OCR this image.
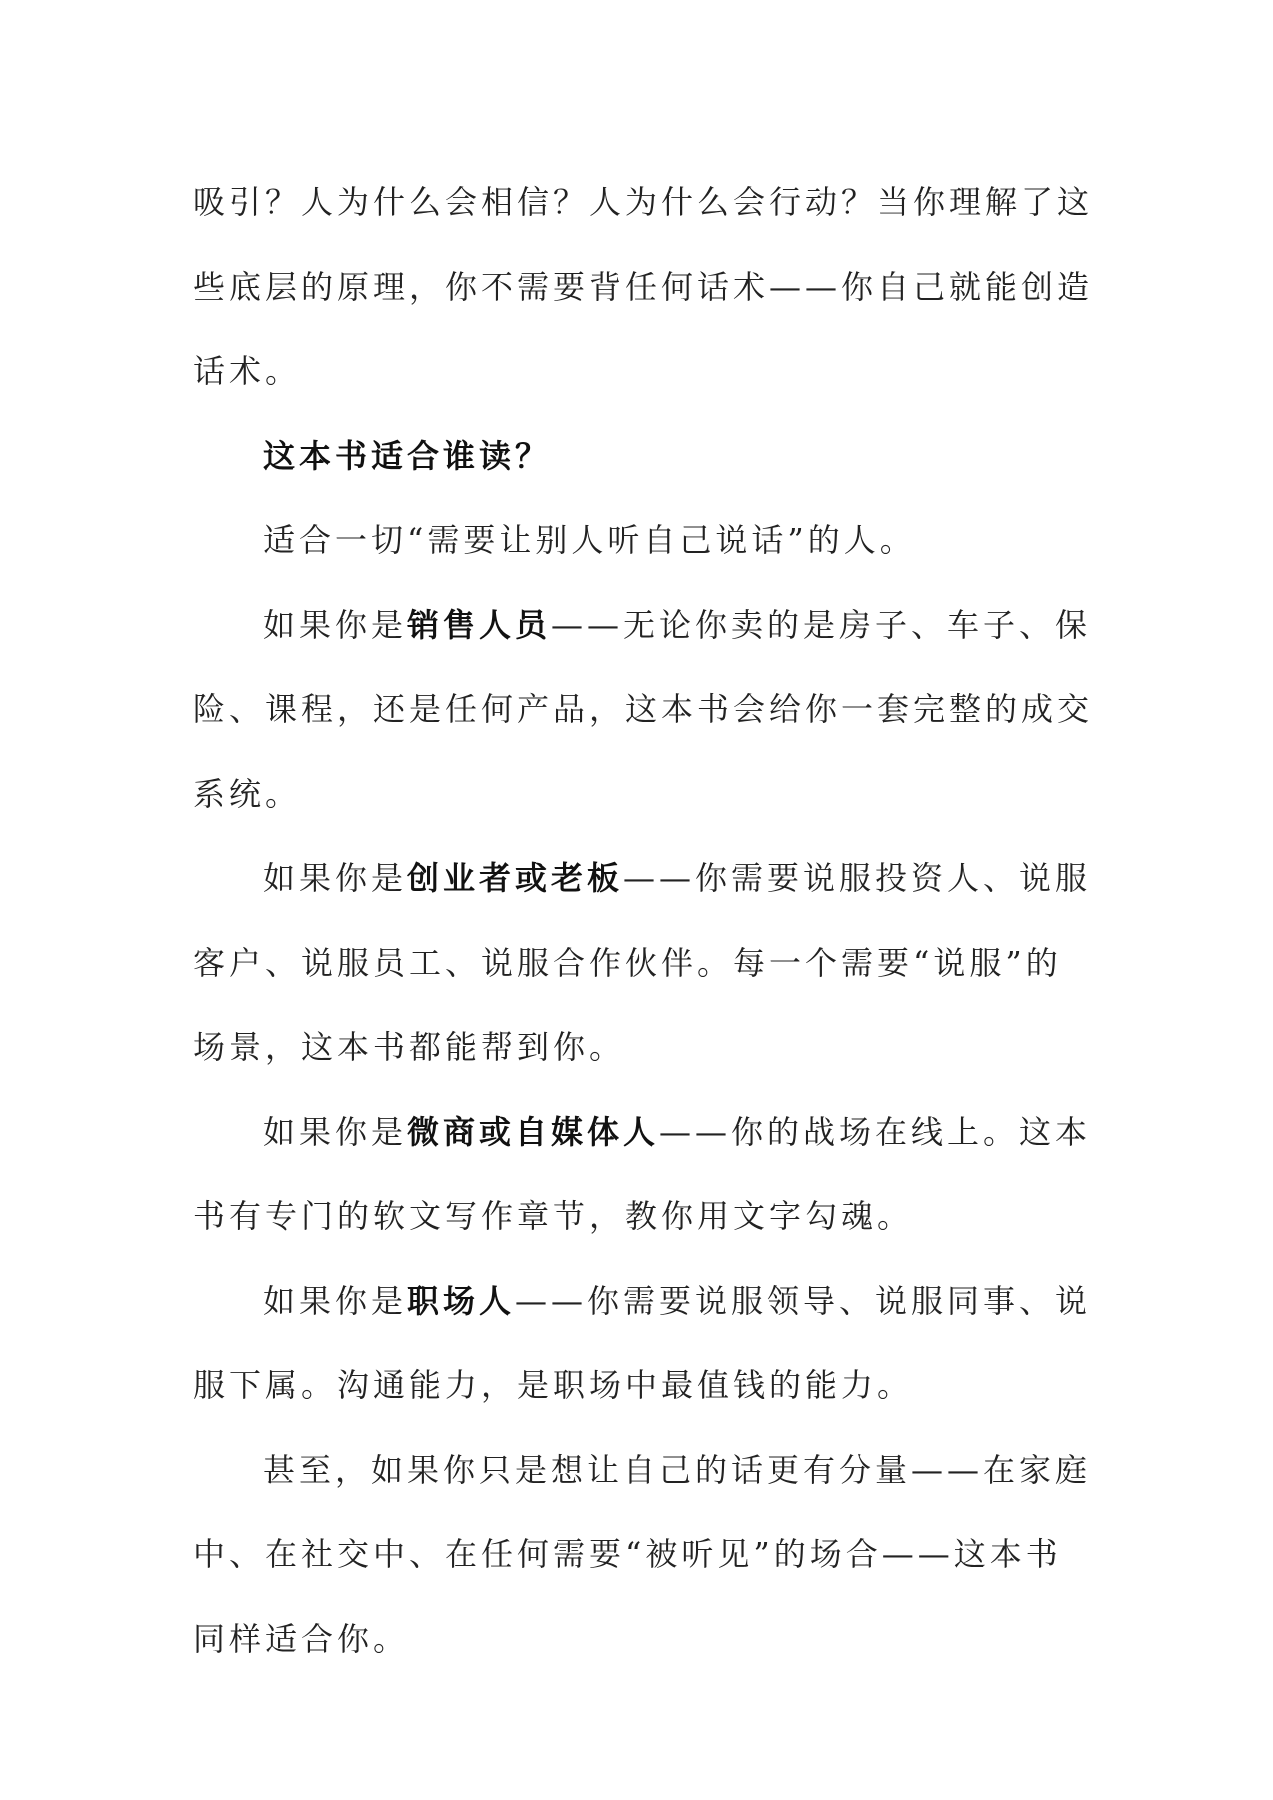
吸引？人为什么会相信？人为什么会行动？当你理解了这些底层的原理，你不需要背任何话术——你自己就能创造话术。

这本书适合谁读？

适合一切“需要让别人听自己说话”的人。

如果你是销售人员——无论你卖的是房子、车子、保险、课程，还是任何产品，这本书会给你一套完整的成交系统。

如果你是创业者或老板——你需要说服投资人、说服客户、说服员工、说服合作伙伴。每一个需要“说服”的场景，这本书都能帮到你。

如果你是微商或自媒体人——你的战场在线上。这本书有专门的软文写作章节，教你用文字勾魂。

如果你是职场人——你需要说服领导、说服同事、说服下属。沟通能力，是职场中最值钱的能力。

甚至，如果你只是想让自己的话更有分量——在家庭中、在社交中、在任何需要“被听见”的场合——这本书同样适合你。
